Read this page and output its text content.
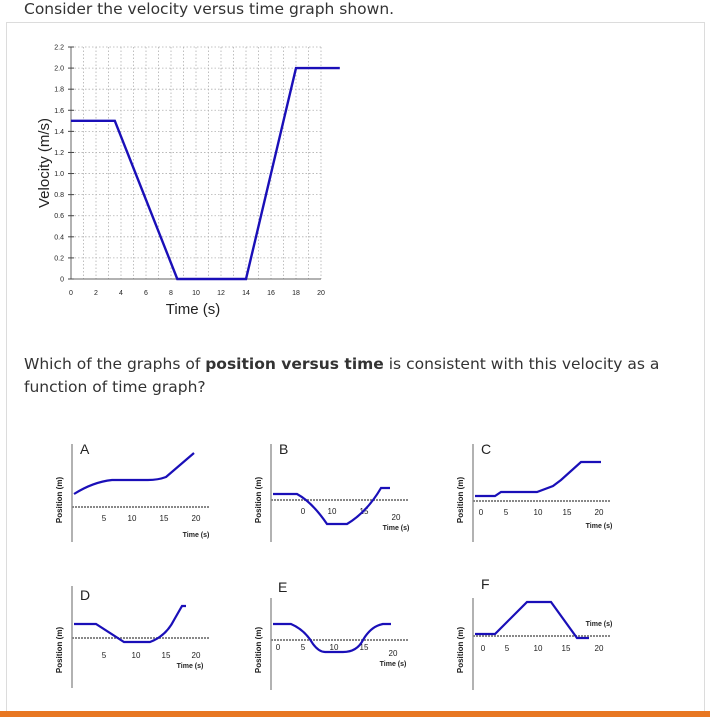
Consider the velocity versus time graph shown.
0
0.2
0.4
0.6
0.8
1.0
1.2
1.4
1.6
1.8
2.0
2.2
0	2	4	6	8	10 12 14 16 18 20
Velocity (m/s)
Time (s)
Which of the graphs of position versus time is consistent with this velocity as a function of time graph?
A
Position (m)	5	10	15	20
Time (s)
B
Position (m)	0	10	15
20
Time (s)
C
Position (m) 0	5	10	15	20
Time (s)
D
Position (m)	5	10	15	20
Time (s)
E
Position (m) 0	5	10	15
20
Time (s)
F
Position (m) 0 5	10 15	20
Time (s)
